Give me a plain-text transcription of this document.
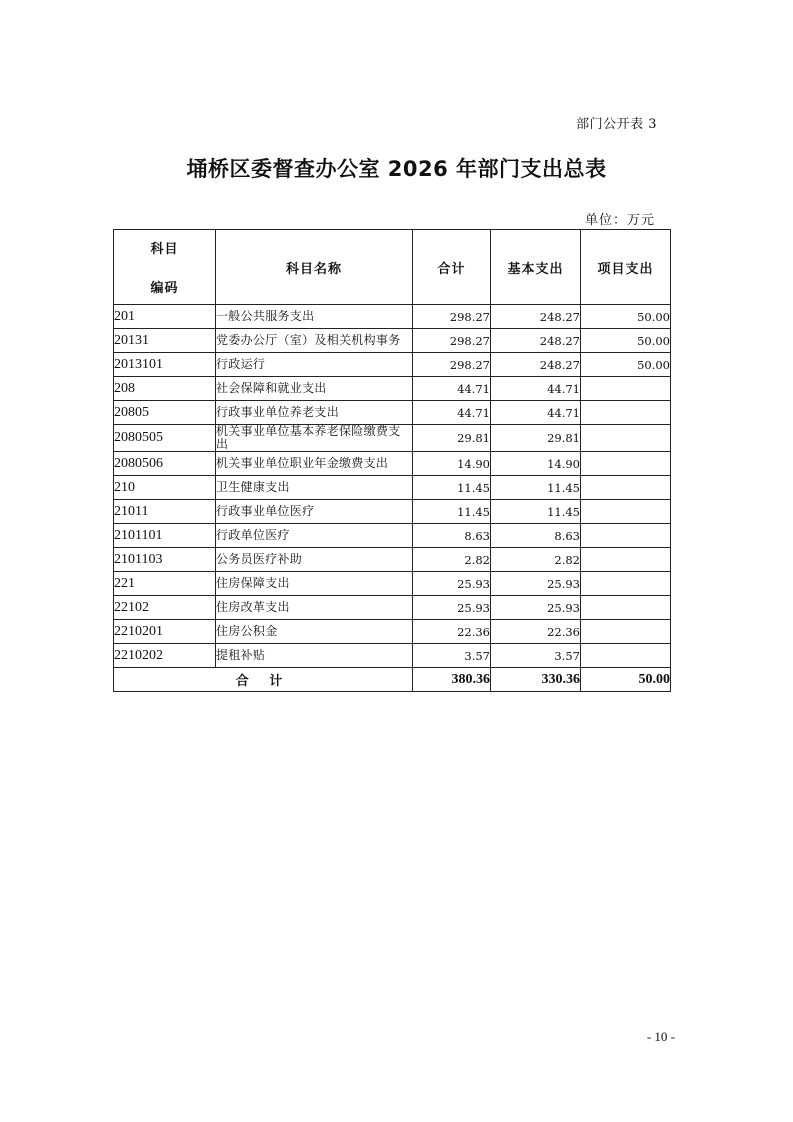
部门公开表 3
埇桥区委督查办公室 2026 年部门支出总表
单位：万元
科目
编码	科目名称	合计	基本支出	项目支出
201	一般公共服务支出	298.27	248.27	50.00
20131	党委办公厅（室）及相关机构事务	298.27	248.27	50.00
2013101	行政运行	298.27	248.27	50.00
208	社会保障和就业支出	44.71	44.71	
20805	行政事业单位养老支出	44.71	44.71	
2080505	机关事业单位基本养老保险缴费支出	29.81	29.81	
2080506	机关事业单位职业年金缴费支出	14.90	14.90	
210	卫生健康支出	11.45	11.45	
21011	行政事业单位医疗	11.45	11.45	
2101101	行政单位医疗	8.63	8.63	
2101103	公务员医疗补助	2.82	2.82	
221	住房保障支出	25.93	25.93	
22102	住房改革支出	25.93	25.93	
2210201	住房公积金	22.36	22.36	
2210202	提租补贴	3.57	3.57	
合 计		380.36	330.36	50.00
- 10 -
